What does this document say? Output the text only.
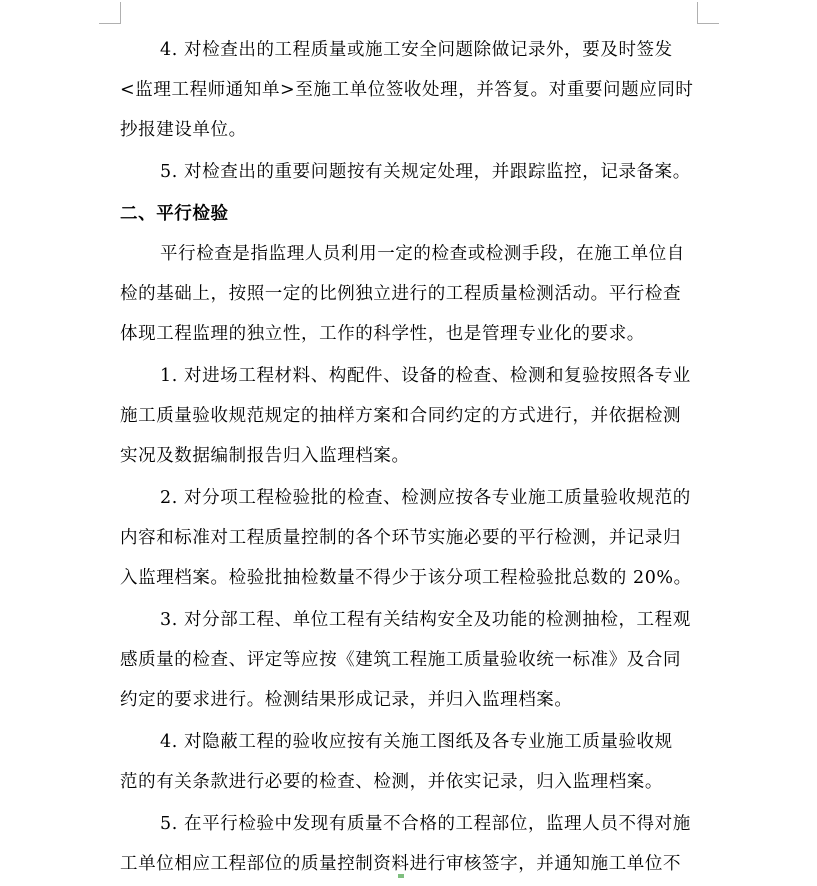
4. 对检查出的工程质量或施工安全问题除做记录外，要及时签发
<监理工程师通知单>至施工单位签收处理，并答复。对重要问题应同时
抄报建设单位。

5. 对检查出的重要问题按有关规定处理，并跟踪监控，记录备案。

二、平行检验

平行检查是指监理人员利用一定的检查或检测手段，在施工单位自
检的基础上，按照一定的比例独立进行的工程质量检测活动。平行检查
体现工程监理的独立性，工作的科学性，也是管理专业化的要求。

1. 对进场工程材料、构配件、设备的检查、检测和复验按照各专业
施工质量验收规范规定的抽样方案和合同约定的方式进行，并依据检测
实况及数据编制报告归入监理档案。

2. 对分项工程检验批的检查、检测应按各专业施工质量验收规范的
内容和标准对工程质量控制的各个环节实施必要的平行检测，并记录归
入监理档案。检验批抽检数量不得少于该分项工程检验批总数的 20%。

3. 对分部工程、单位工程有关结构安全及功能的检测抽检，工程观
感质量的检查、评定等应按《建筑工程施工质量验收统一标准》及合同
约定的要求进行。检测结果形成记录，并归入监理档案。

4. 对隐蔽工程的验收应按有关施工图纸及各专业施工质量验收规
范的有关条款进行必要的检查、检测，并依实记录，归入监理档案。

5. 在平行检验中发现有质量不合格的工程部位，监理人员不得对施
工单位相应工程部位的质量控制资料进行审核签字，并通知施工单位不
